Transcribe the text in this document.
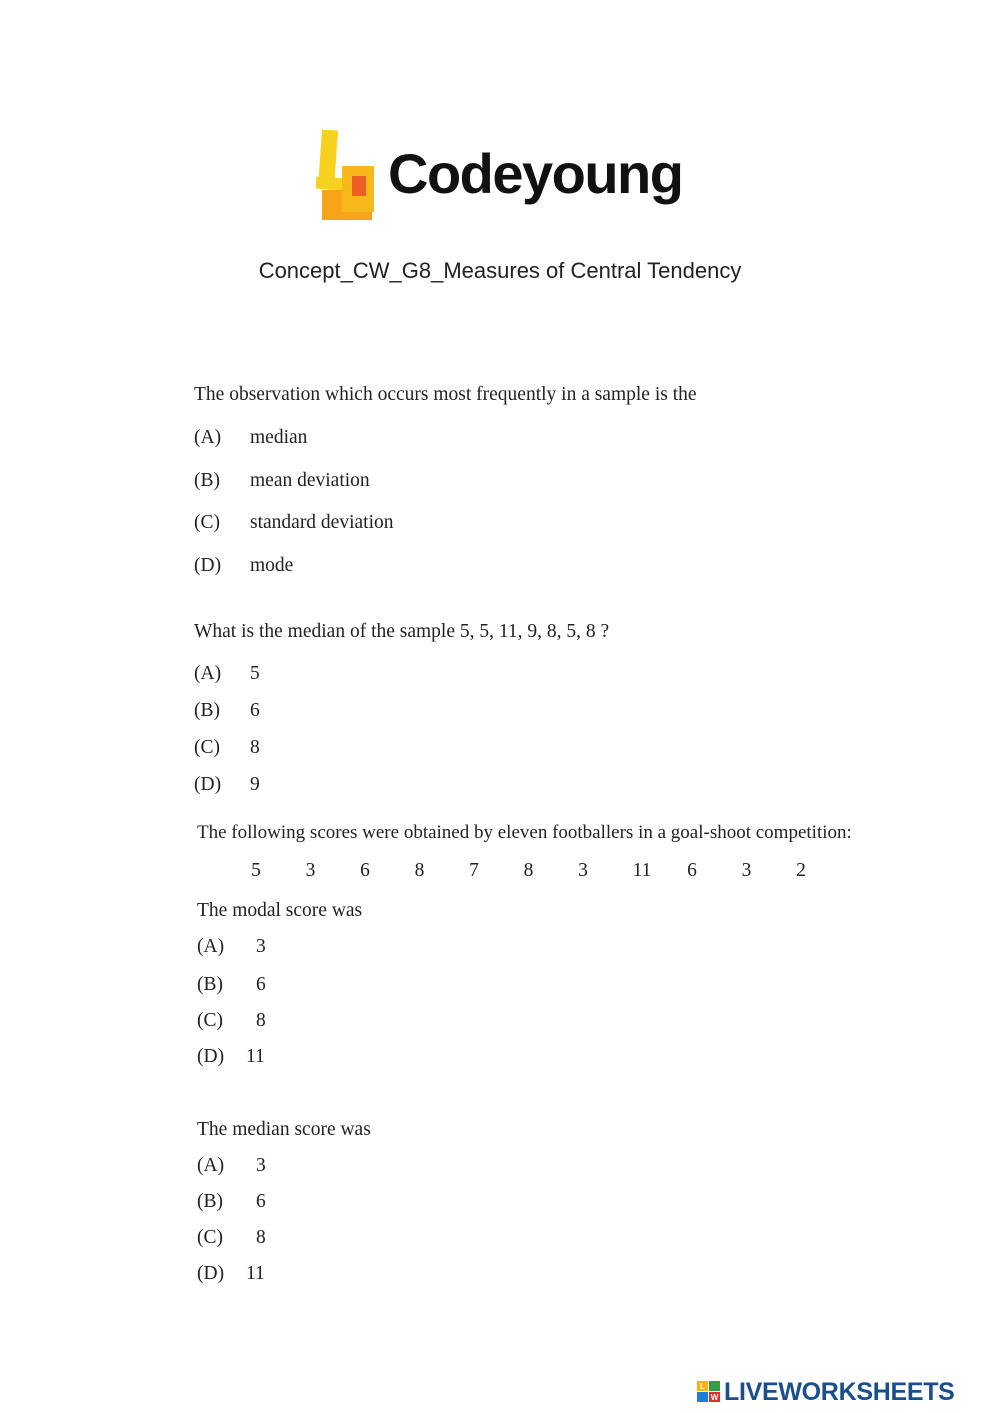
Codeyoung
Concept_CW_G8_Measures of Central Tendency
The observation which occurs most frequently in a sample is the
(A) median
(B) mean deviation
(C) standard deviation
(D) mode
What is the median of the sample 5, 5, 11, 9, 8, 5, 8 ?
(A) 5
(B) 6
(C) 8
(D) 9
The following scores were obtained by eleven footballers in a goal-shoot competition:
5	3	6	8	7	8	3	11	6	3	2
The modal score was
(A) 3
(B) 6
(C) 8
(D) 11
The median score was
(A) 3
(B) 6
(C) 8
(D) 11
L
W LIVEWORKSHEETS
